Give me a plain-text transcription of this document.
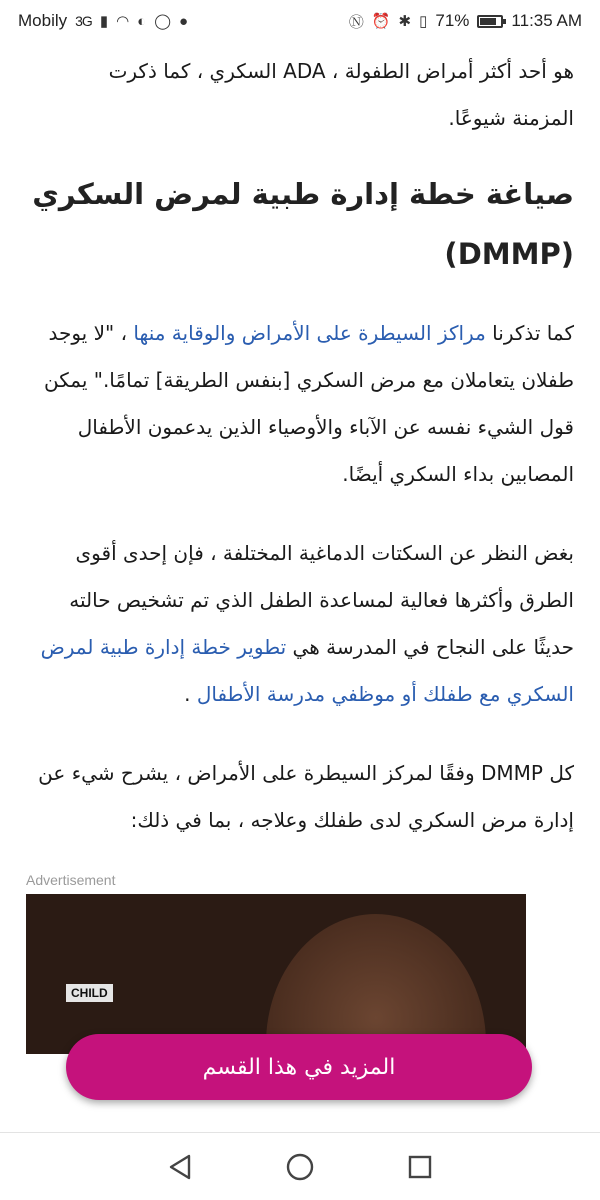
Mobily 3G ▮ ◠ ◐ ◯ ●	Ⓝ ⏰ ✱ ▯ 71% 11:35 AM

هو أحد أكثر أمراض الطفولة ، ADA السكري ، كما ذكرت
المزمنة شيوعًا.

صياغة خطة إدارة طبية لمرض السكري (DMMP)

كما تذكرنا مراكز السيطرة على الأمراض والوقاية منها ، "لا يوجد طفلان يتعاملان مع مرض السكري [بنفس الطريقة] تمامًا." يمكن قول الشيء نفسه عن الآباء والأوصياء الذين يدعمون الأطفال المصابين بداء السكري أيضًا.

بغض النظر عن السكتات الدماغية المختلفة ، فإن إحدى أقوى الطرق وأكثرها فعالية لمساعدة الطفل الذي تم تشخيص حالته حديثًا على النجاح في المدرسة هي تطوير خطة إدارة طبية لمرض السكري مع طفلك أو موظفي مدرسة الأطفال .

كل DMMP وفقًا لمركز السيطرة على الأمراض ، يشرح شيء عن إدارة مرض السكري لدى طفلك وعلاجه ، بما في ذلك:

Advertisement
CHILD
المزيد في هذا القسم
